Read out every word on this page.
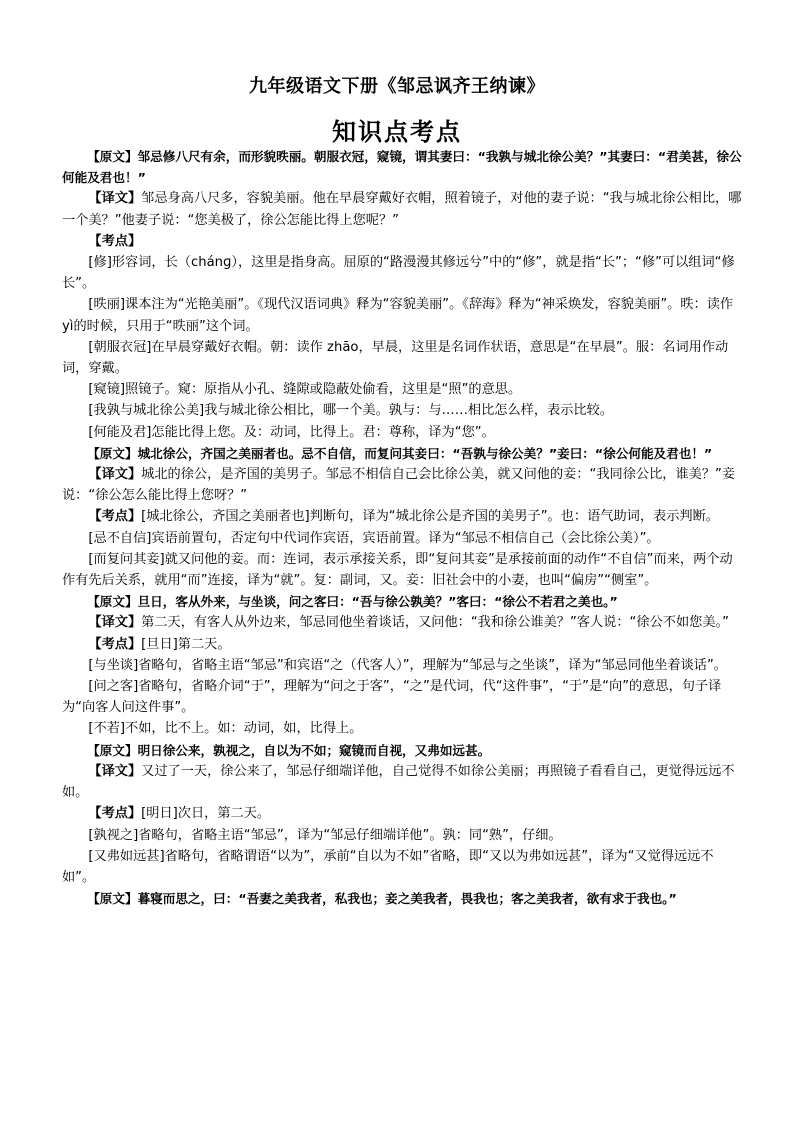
九年级语文下册《邹忌讽齐王纳谏》
知识点考点

【原文】邹忌修八尺有余，而形貌昳丽。朝服衣冠，窥镜，谓其妻曰：“我孰与城北徐公美？”其妻曰：“君美甚，徐公何能及君也！”

【译文】邹忌身高八尺多，容貌美丽。他在早晨穿戴好衣帽，照着镜子，对他的妻子说：“我与城北徐公相比，哪一个美？”他妻子说：“您美极了，徐公怎能比得上您呢？”

【考点】

[修]形容词，长（chánɡ），这里是指身高。屈原的“路漫漫其修远兮”中的“修”，就是指“长”；“修”可以组词“修长”。

[昳丽]课本注为“光艳美丽”。《现代汉语词典》释为“容貌美丽”。《辞海》释为“神采焕发，容貌美丽”。昳：读作 yì的时候，只用于“昳丽”这个词。

[朝服衣冠]在早晨穿戴好衣帽。朝：读作 zhāo，早晨，这里是名词作状语，意思是“在早晨”。服：名词用作动词，穿戴。

[窥镜]照镜子。窥：原指从小孔、缝隙或隐蔽处偷看，这里是“照”的意思。

[我孰与城北徐公美]我与城北徐公相比，哪一个美。孰与：与……相比怎么样，表示比较。

[何能及君]怎能比得上您。及：动词，比得上。君：尊称，译为“您”。

【原文】城北徐公，齐国之美丽者也。忌不自信，而复问其妾曰：“吾孰与徐公美？”妾曰：“徐公何能及君也！”

【译文】城北的徐公，是齐国的美男子。邹忌不相信自己会比徐公美，就又问他的妾：“我同徐公比，谁美？”妾说：“徐公怎么能比得上您呀？”

【考点】[城北徐公，齐国之美丽者也]判断句，译为“城北徐公是齐国的美男子”。也：语气助词，表示判断。

[忌不自信]宾语前置句，否定句中代词作宾语，宾语前置。译为“邹忌不相信自己（会比徐公美）”。

[而复问其妾]就又问他的妾。而：连词，表示承接关系，即“复问其妾”是承接前面的动作“不自信”而来，两个动作有先后关系，就用“而”连接，译为“就”。复：副词，又。妾：旧社会中的小妻，也叫“偏房”“侧室”。

【原文】旦日，客从外来，与坐谈，问之客曰：“吾与徐公孰美？”客曰：“徐公不若君之美也。”

【译文】第二天，有客人从外边来，邹忌同他坐着谈话，又问他：“我和徐公谁美？”客人说：“徐公不如您美。”

【考点】[旦日]第二天。

[与坐谈]省略句，省略主语“邹忌”和宾语“之（代客人）”，理解为“邹忌与之坐谈”，译为“邹忌同他坐着谈话”。

[问之客]省略句，省略介词“于”，理解为“问之于客”，“之”是代词，代“这件事”，“于”是“向”的意思，句子译为“向客人问这件事”。

[不若]不如，比不上。如：动词，如，比得上。

【原文】明日徐公来，孰视之，自以为不如；窥镜而自视，又弗如远甚。

【译文】又过了一天，徐公来了，邹忌仔细端详他，自己觉得不如徐公美丽；再照镜子看看自己，更觉得远远不如。

【考点】[明日]次日，第二天。

[孰视之]省略句，省略主语“邹忌”，译为“邹忌仔细端详他”。孰：同“熟”，仔细。

[又弗如远甚]省略句，省略谓语“以为”，承前“自以为不如”省略，即“又以为弗如远甚”，译为“又觉得远远不如”。

【原文】暮寝而思之，曰：“吾妻之美我者，私我也；妾之美我者，畏我也；客之美我者，欲有求于我也。”
